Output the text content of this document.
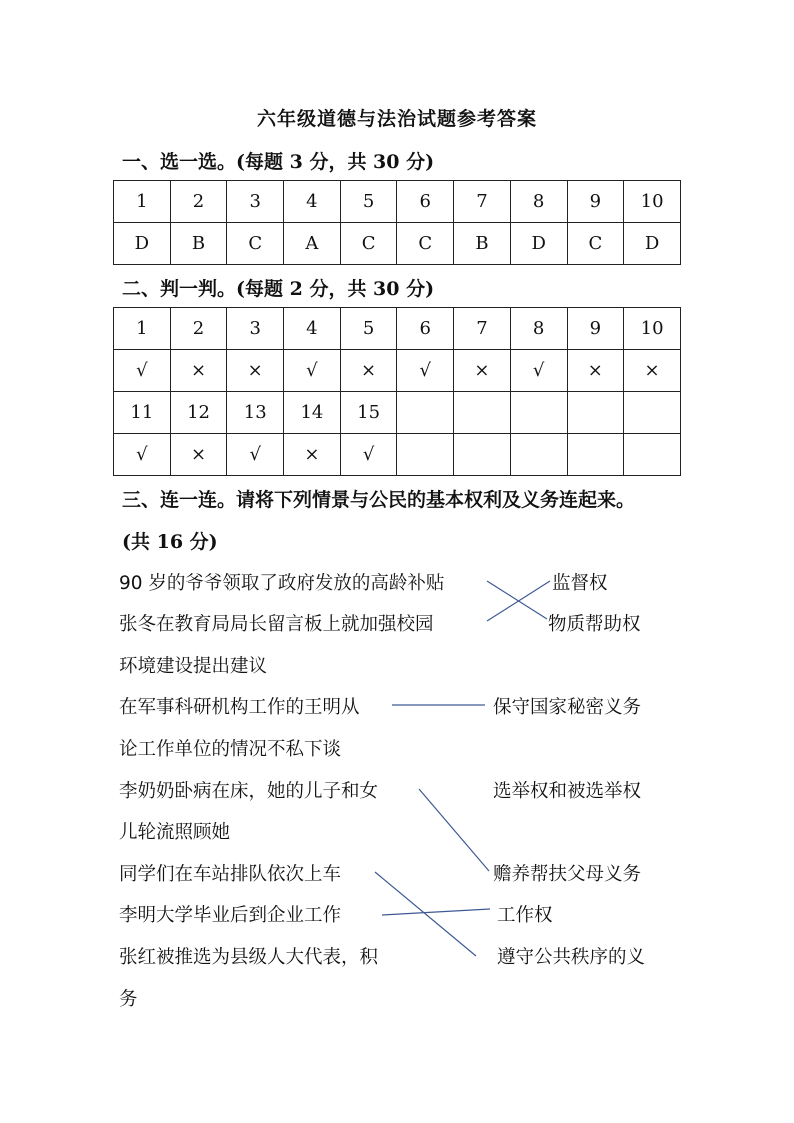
六年级道德与法治试题参考答案
一、选一选。(每题 3 分，共 30 分)
1	2	3	4	5	6	7	8	9	10
D	B	C	A	C	C	B	D	C	D
二、判一判。(每题 2 分，共 30 分)
1	2	3	4	5	6	7	8	9	10
√	×	×	√	×	√	×	√	×	×
11	12	13	14	15					
√	×	√	×	√					
三、连一连。请将下列情景与公民的基本权利及义务连起来。
(共 16 分)
90 岁的爷爷领取了政府发放的高龄补贴
张冬在教育局局长留言板上就加强校园
环境建设提出建议
在军事科研机构工作的王明从
论工作单位的情况不私下谈
李奶奶卧病在床，她的儿子和女
儿轮流照顾她
同学们在车站排队依次上车
李明大学毕业后到企业工作
张红被推选为县级人大代表，积
务
监督权
物质帮助权
保守国家秘密义务
选举权和被选举权
赡养帮扶父母义务
工作权
遵守公共秩序的义
